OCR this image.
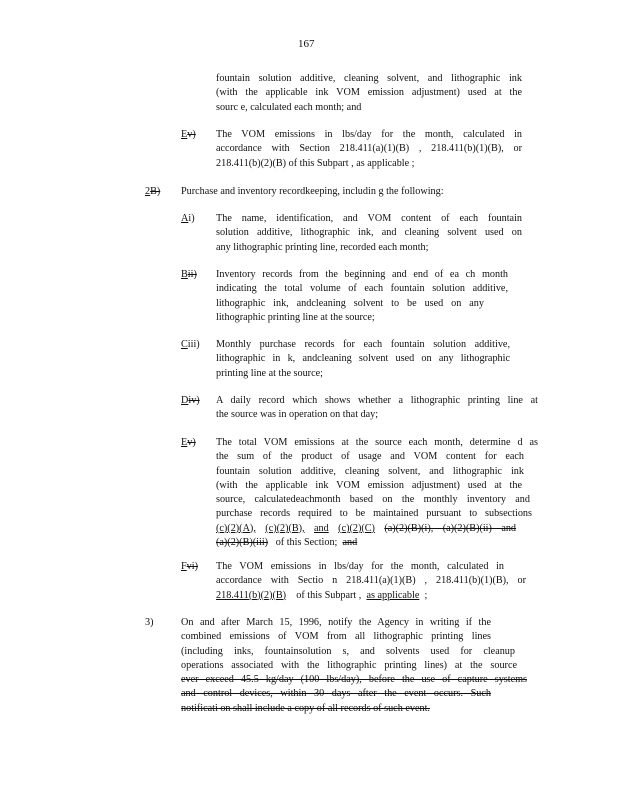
167
fountain solution additive, cleaning solvent, and lithographic ink
(with the applicable ink VOM emission adjustment) used at the
sourc e, calculated each month; and
Ev) The VOM emissions in lbs/day for the month, calculated in
accordance with Section 218.411(a)(1)(B) , 218.411(b)(1)(B), or
218.411(b)(2)(B) of this Subpart , as applicable ;
2B) Purchase and inventory recordkeeping, includin g the following:
Ai) The name, identification, and VOM content of each fountain
solution additive, lithographic ink, and cleaning solvent used on
any lithographic printing line, recorded each month;
Bii) Inventory records from the beginning and end of ea ch month
indicating the total volume of each fountain solution additive,
lithographic ink, andcleaning solvent to be used on any
lithographic printing line at the source;
Ciii) Monthly purchase records for each fountain solution additive,
lithographic in k, andcleaning solvent used on any lithographic
printing line at the source;
Div) A daily record which shows whether a lithographic printing line at
the source was in operation on that day;
Ev) The total VOM emissions at the source each month, determine d as
the sum of the product of usage and VOM content for each
fountain solution additive, cleaning solvent, and lithographic ink
(with the applicable ink VOM emission adjustment) used at the
source, calculatedeachmonth based on the monthly inventory and
purchase records required to be maintained pursuant to subsections
(c)(2)(A), (c)(2)(B), and (c)(2)(C) (a)(2)(B)(i), (a)(2)(B)(ii) and
(a)(2)(B)(iii) of this Section; and
Fvi) The VOM emissions in lbs/day for the month, calculated in
accordance with Sectio n 218.411(a)(1)(B) , 218.411(b)(1)(B), or
218.411(b)(2)(B) of this Subpart , as applicable ;
3)	On and after March 15, 1996, notify the Agency in writing if the
combined emissions of VOM from all lithographic printing lines
(including inks, fountainsolution s, and solvents used for cleanup
operations associated with the lithographic printing lines) at the source
ever exceed 45.5 kg/day (100 lbs/day), before the use of capture systems
and control devices, within 30 days after the event occurs. Such
notificati on shall include a copy of all records of such event.
